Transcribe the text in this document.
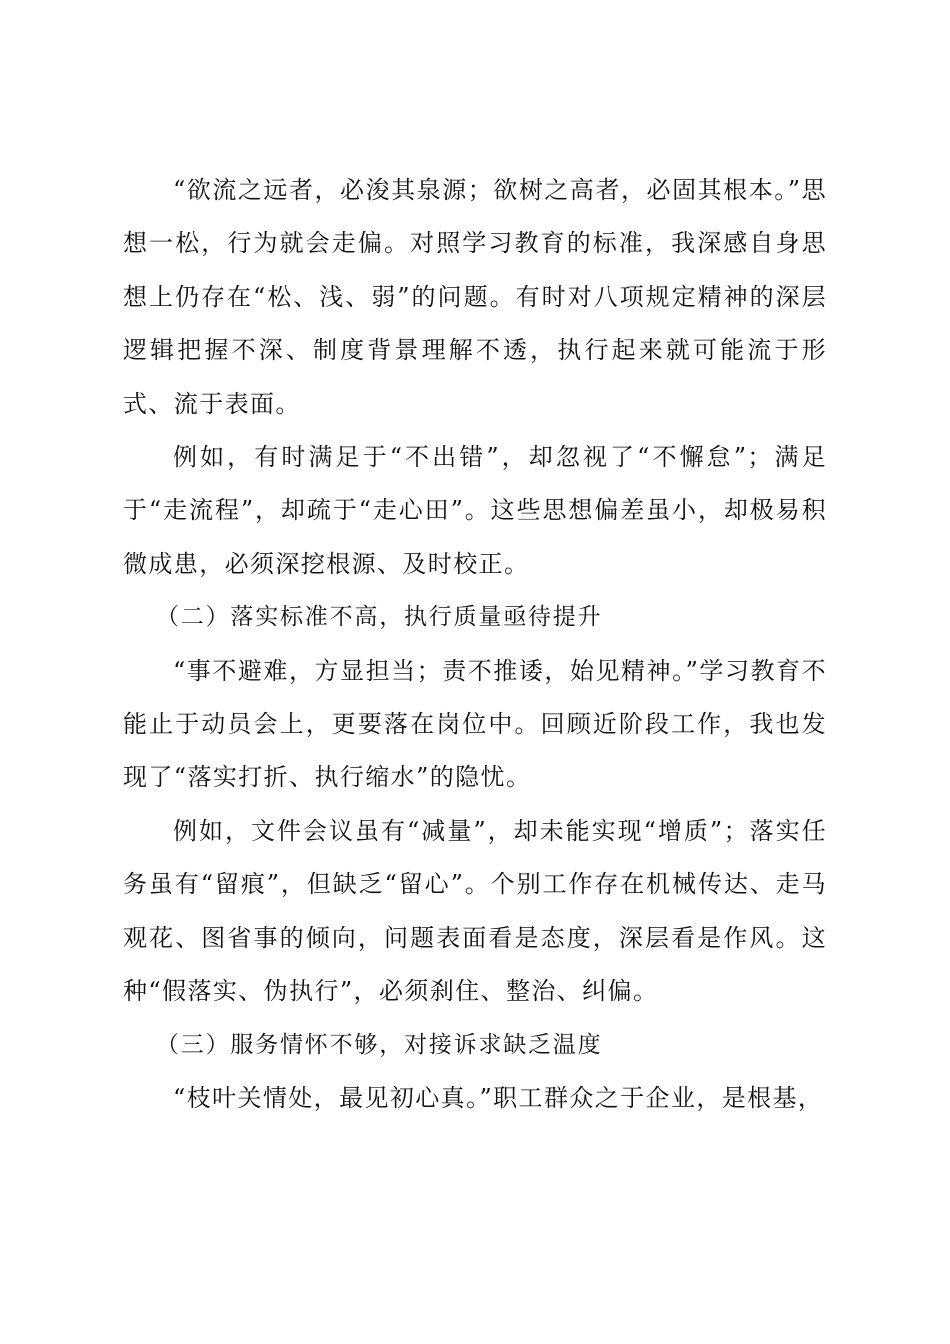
“欲流之远者，必浚其泉源；欲树之高者，必固其根本。”思想一松，行为就会走偏。对照学习教育的标准，我深感自身思想上仍存在“松、浅、弱”的问题。有时对八项规定精神的深层逻辑把握不深、制度背景理解不透，执行起来就可能流于形式、流于表面。

例如，有时满足于“不出错”，却忽视了“不懈怠”；满足于“走流程”，却疏于“走心田”。这些思想偏差虽小，却极易积微成患，必须深挖根源、及时校正。

（二）落实标准不高，执行质量亟待提升

“事不避难，方显担当；责不推诿，始见精神。”学习教育不能止于动员会上，更要落在岗位中。回顾近阶段工作，我也发现了“落实打折、执行缩水”的隐忧。

例如，文件会议虽有“减量”，却未能实现“增质”；落实任务虽有“留痕”，但缺乏“留心”。个别工作存在机械传达、走马观花、图省事的倾向，问题表面看是态度，深层看是作风。这种“假落实、伪执行”，必须刹住、整治、纠偏。

（三）服务情怀不够，对接诉求缺乏温度

“枝叶关情处，最见初心真。”职工群众之于企业，是根基，
